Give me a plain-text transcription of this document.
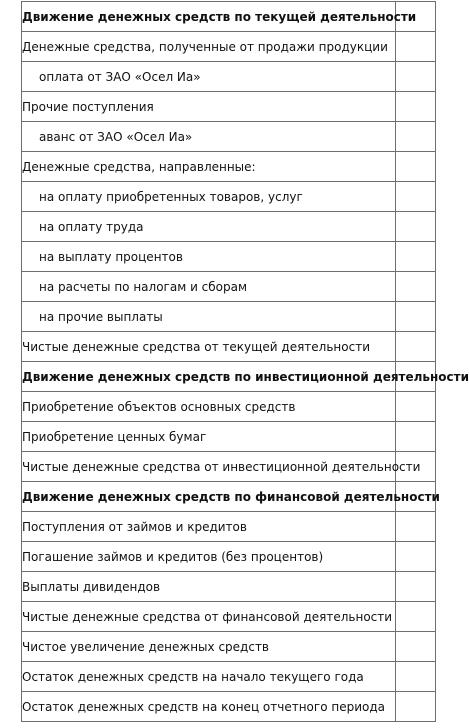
Движение денежных средств по текущей деятельности	
Денежные средства, полученные от продажи продукции	
оплата от ЗАО «Осел Иа»	
Прочие поступления	
аванс от ЗАО «Осел Иа»	
Денежные средства, направленные:	
на оплату приобретенных товаров, услуг	
на оплату труда	
на выплату процентов	
на расчеты по налогам и сборам	
на прочие выплаты	
Чистые денежные средства от текущей деятельности	
Движение денежных средств по инвестиционной деятельности	
Приобретение объектов основных средств	
Приобретение ценных бумаг	
Чистые денежные средства от инвестиционной деятельности	
Движение денежных средств по финансовой деятельности	
Поступления от займов и кредитов	
Погашение займов и кредитов (без процентов)	
Выплаты дивидендов	
Чистые денежные средства от финансовой деятельности	
Чистое увеличение денежных средств	
Остаток денежных средств на начало текущего года	
Остаток денежных средств на конец отчетного периода	
